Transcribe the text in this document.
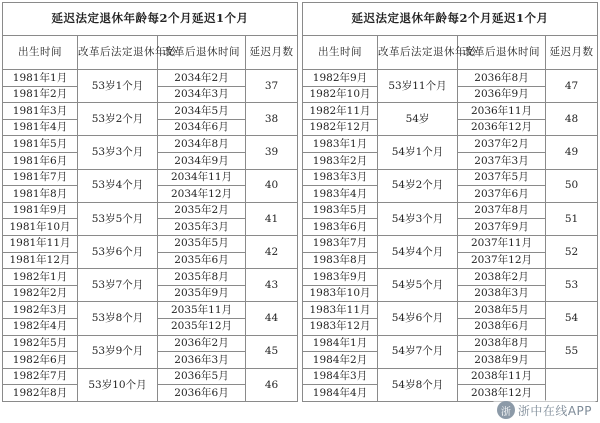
延迟法定退休年龄每2个月延迟1个月			
出生时间	改革后法定退休年龄	改革后退休时间	延迟月数
1981年1月	53岁1个月	2034年2月	37
1981年2月		2034年3月	
1981年3月	53岁2个月	2034年5月	38
1981年4月		2034年6月	
1981年5月	53岁3个月	2034年8月	39
1981年6月		2034年9月	
1981年7月	53岁4个月	2034年11月	40
1981年8月		2034年12月	
1981年9月	53岁5个月	2035年2月	41
1981年10月		2035年3月	
1981年11月	53岁6个月	2035年5月	42
1981年12月		2035年6月	
1982年1月	53岁7个月	2035年8月	43
1982年2月		2035年9月	
1982年3月	53岁8个月	2035年11月	44
1982年4月		2035年12月	
1982年5月	53岁9个月	2036年2月	45
1982年6月		2036年3月	
1982年7月	53岁10个月	2036年5月	46
1982年8月		2036年6月	
延迟法定退休年龄每2个月延迟1个月			
出生时间	改革后法定退休年龄	改革后退休时间	延迟月数
1982年9月	53岁11个月	2036年8月	47
1982年10月		2036年9月	
1982年11月	54岁	2036年11月	48
1982年12月		2036年12月	
1983年1月	54岁1个月	2037年2月	49
1983年2月		2037年3月	
1983年3月	54岁2个月	2037年5月	50
1983年4月		2037年6月	
1983年5月	54岁3个月	2037年8月	51
1983年6月		2037年9月	
1983年7月	54岁4个月	2037年11月	52
1983年8月		2037年12月	
1983年9月	54岁5个月	2038年2月	53
1983年10月		2038年3月	
1983年11月	54岁6个月	2038年5月	54
1983年12月		2038年6月	
1984年1月	54岁7个月	2038年8月	55
1984年2月		2038年9月	
1984年3月	54岁8个月	2038年11月	
1984年4月		2038年12月	
浙 浙中在线APP
